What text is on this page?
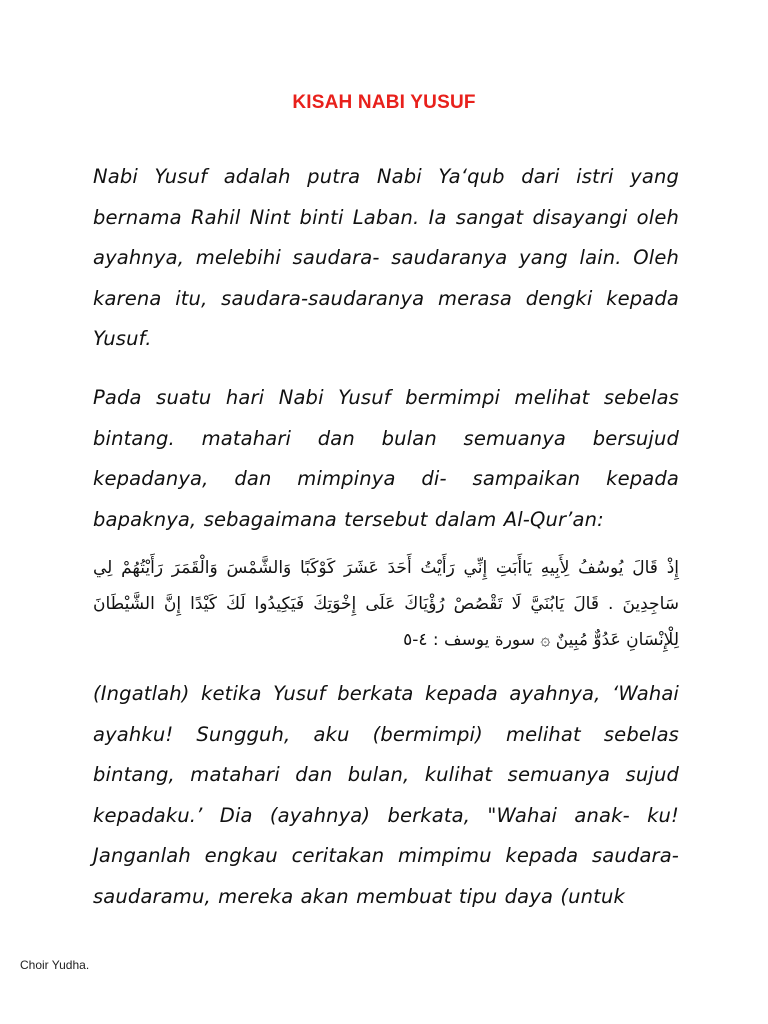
KISAH NABI YUSUF

Nabi Yusuf adalah putra Nabi Ya‘qub dari istri yang bernama Rahil Nint binti Laban. Ia sangat disayangi oleh ayahnya, melebihi saudara- saudaranya yang lain. Oleh karena itu, saudara-saudaranya merasa dengki kepada Yusuf.

Pada suatu hari Nabi Yusuf bermimpi melihat sebelas bintang. matahari dan bulan semuanya bersujud kepadanya, dan mimpinya di- sampaikan kepada bapaknya, sebagaimana tersebut dalam Al-Qur’an:

إِذْ قَالَ يُوسُفُ لِأَبِيهِ يَاأَبَتِ إِنِّي رَأَيْتُ أَحَدَ عَشَرَ كَوْكَبًا وَالشَّمْسَ وَالْقَمَرَ رَأَيْتُهُمْ لِي سَاجِدِينَ . قَالَ يَابُنَيَّ لَا تَقْصُصْ رُؤْيَاكَ عَلَى إِخْوَتِكَ فَيَكِيدُوا لَكَ كَيْدًا إِنَّ الشَّيْطَانَ لِلْإِنْسَانِ عَدُوٌّ مُبِينٌ ۞ سورة يوسف : ٤-٥

(Ingatlah) ketika Yusuf berkata kepada ayahnya, ‘Wahai ayahku! Sungguh, aku (bermimpi) melihat sebelas bintang, matahari dan bulan, kulihat semuanya sujud kepadaku.’ Dia (ayahnya) berkata, "Wahai anak- ku! Janganlah engkau ceritakan mimpimu kepada saudara- saudaramu, mereka akan membuat tipu daya (untuk

Choir Yudha.
